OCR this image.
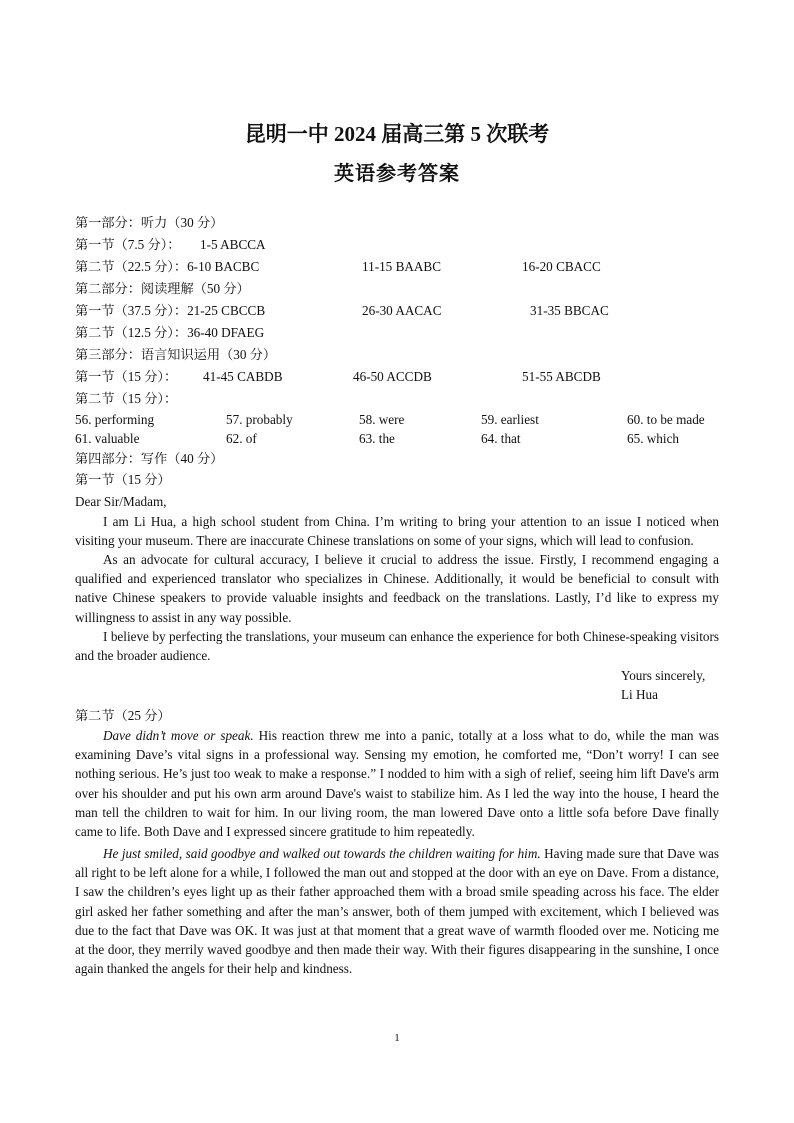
昆明一中 2024 届高三第 5 次联考
英语参考答案
第一部分：听力（30 分）
第一节（7.5 分）： 1-5 ABCCA
第二节（22.5 分）：6-10 BACBC	11-15 BAABC	16-20 CBACC
第二部分：阅读理解（50 分）
第一节（37.5 分）：21-25 CBCCB	26-30 AACAC	31-35 BBCAC
第二节（12.5 分）：36-40 DFAEG
第三部分：语言知识运用（30 分）
第一节（15 分）： 41-45 CABDB	46-50 ACCDB	51-55 ABCDB
第二节（15 分）：
56. performing	57. probably	58. were	59. earliest	60. to be made
61. valuable	62. of	63. the	64. that	65. which
第四部分：写作（40 分）
第一节（15 分）
Dear Sir/Madam,
I am Li Hua, a high school student from China. I’m writing to bring your attention to an issue I noticed when visiting your museum. There are inaccurate Chinese translations on some of your signs, which will lead to confusion.
As an advocate for cultural accuracy, I believe it crucial to address the issue. Firstly, I recommend engaging a qualified and experienced translator who specializes in Chinese. Additionally, it would be beneficial to consult with native Chinese speakers to provide valuable insights and feedback on the translations. Lastly, I’d like to express my willingness to assist in any way possible.
I believe by perfecting the translations, your museum can enhance the experience for both Chinese-speaking visitors and the broader audience.
Yours sincerely,
Li Hua
第二节（25 分）
Dave didn’t move or speak. His reaction threw me into a panic, totally at a loss what to do, while the man was examining Dave’s vital signs in a professional way. Sensing my emotion, he comforted me, “Don’t worry! I can see nothing serious. He’s just too weak to make a response.” I nodded to him with a sigh of relief, seeing him lift Dave's arm over his shoulder and put his own arm around Dave's waist to stabilize him. As I led the way into the house, I heard the man tell the children to wait for him. In our living room, the man lowered Dave onto a little sofa before Dave finally came to life. Both Dave and I expressed sincere gratitude to him repeatedly.
He just smiled, said goodbye and walked out towards the children waiting for him. Having made sure that Dave was all right to be left alone for a while, I followed the man out and stopped at the door with an eye on Dave. From a distance, I saw the children’s eyes light up as their father approached them with a broad smile speading across his face. The elder girl asked her father something and after the man’s answer, both of them jumped with excitement, which I believed was due to the fact that Dave was OK. It was just at that moment that a great wave of warmth flooded over me. Noticing me at the door, they merrily waved goodbye and then made their way. With their figures disappearing in the sunshine, I once again thanked the angels for their help and kindness.
1
